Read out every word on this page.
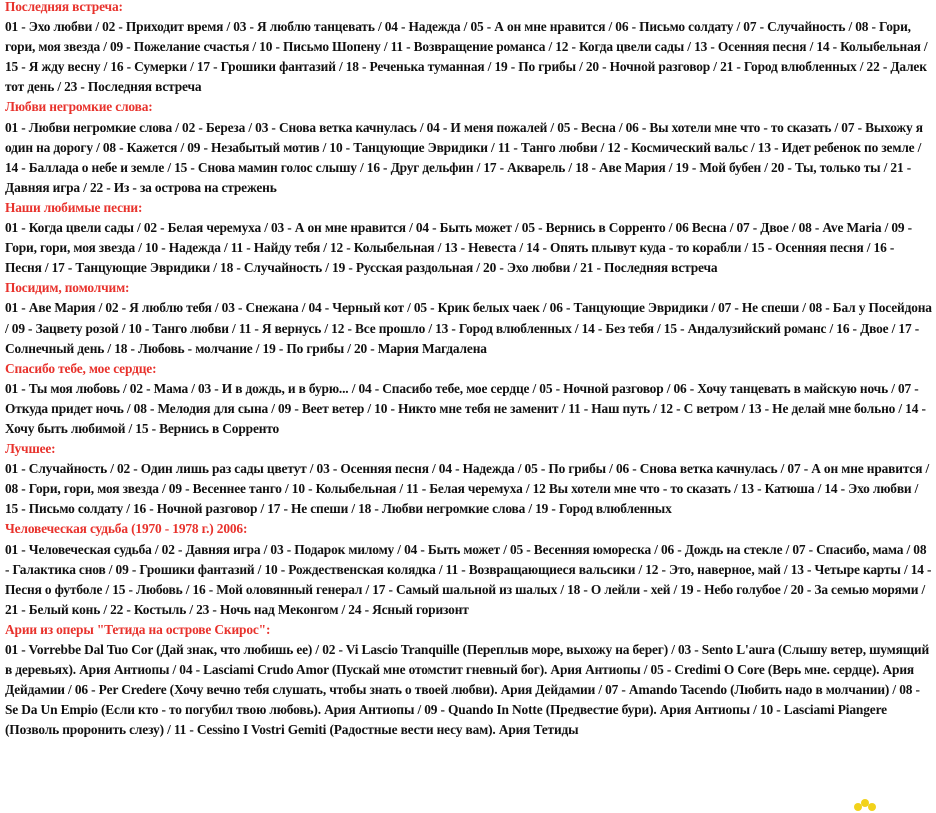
Последняя встреча:
01 - Эхо любви / 02 - Приходит время / 03 - Я люблю танцевать / 04 - Надежда / 05 - А он мне нравится / 06 - Письмо солдату / 07 - Случайность / 08 - Гори, гори, моя звезда / 09 - Пожелание счастья / 10 - Письмо Шопену / 11 - Возвращение романса / 12 - Когда цвели сады / 13 - Осенняя песня / 14 - Колыбельная / 15 - Я жду весну / 16 - Сумерки / 17 - Грошики фантазий / 18 - Реченька туманная / 19 - По грибы / 20 - Ночной разговор / 21 - Город влюбленных / 22 - Далек тот день / 23 - Последняя встреча
Любви негромкие слова:
01 - Любви негромкие слова / 02 - Береза / 03 - Снова ветка качнулась / 04 - И меня пожалей / 05 - Весна / 06 - Вы хотели мне что - то сказать / 07 - Выхожу я один на дорогу / 08 - Кажется / 09 - Незабытый мотив / 10 - Танцующие Эвридики / 11 - Танго любви / 12 - Космический вальс / 13 - Идет ребенок по земле / 14 - Баллада о небе и земле / 15 - Снова мамин голос слышу / 16 - Друг дельфин / 17 - Акварель / 18 - Аве Мария / 19 - Мой бубен / 20 - Ты, только ты / 21 - Давняя игра / 22 - Из - за острова на стрежень
Наши любимые песни:
01 - Когда цвели сады / 02 - Белая черемуха / 03 - А он мне нравится / 04 - Быть может / 05 - Вернись в Сорренто / 06 Весна / 07 - Двое / 08 - Ave Maria / 09 - Гори, гори, моя звезда / 10 - Надежда / 11 - Найду тебя / 12 - Колыбельная / 13 - Невеста / 14 - Опять плывут куда - то корабли / 15 - Осенняя песня / 16 - Песня / 17 - Танцующие Эвридики / 18 - Случайность / 19 - Русская раздольная / 20 - Эхо любви / 21 - Последняя встреча
Посидим, помолчим:
01 - Аве Мария / 02 - Я люблю тебя / 03 - Снежана / 04 - Черный кот / 05 - Крик белых чаек / 06 - Танцующие Эвридики / 07 - Не спеши / 08 - Бал у Посейдона / 09 - Зацвету розой / 10 - Танго любви / 11 - Я вернусь / 12 - Все прошло / 13 - Город влюбленных / 14 - Без тебя / 15 - Андалузийский романс / 16 - Двое / 17 - Солнечный день / 18 - Любовь - молчание / 19 - По грибы / 20 - Мария Магдалена
Спасибо тебе, мое сердце:
01 - Ты моя любовь / 02 - Мама / 03 - И в дождь, и в бурю... / 04 - Спасибо тебе, мое сердце / 05 - Ночной разговор / 06 - Хочу танцевать в майскую ночь / 07 - Откуда придет ночь / 08 - Мелодия для сына / 09 - Веет ветер / 10 - Никто мне тебя не заменит / 11 - Наш путь / 12 - С ветром / 13 - Не делай мне больно / 14 - Хочу быть любимой / 15 - Вернись в Сорренто
Лучшее:
01 - Случайность / 02 - Один лишь раз сады цветут / 03 - Осенняя песня / 04 - Надежда / 05 - По грибы / 06 - Снова ветка качнулась / 07 - А он мне нравится / 08 - Гори, гори, моя звезда / 09 - Весеннее танго / 10 - Колыбельная / 11 - Белая черемуха / 12 Вы хотели мне что - то сказать / 13 - Катюша / 14 - Эхо любви / 15 - Письмо солдату / 16 - Ночной разговор / 17 - Не спеши / 18 - Любви негромкие слова / 19 - Город влюбленных
Человеческая судьба (1970 - 1978 г.) 2006:
01 - Человеческая судьба / 02 - Давняя игра / 03 - Подарок милому / 04 - Быть может / 05 - Весенняя юмореска / 06 - Дождь на стекле / 07 - Спасибо, мама / 08 - Галактика снов / 09 - Грошики фантазий / 10 - Рождественская колядка / 11 - Возвращающиеся вальсики / 12 - Это, наверное, май / 13 - Четыре карты / 14 - Песня о футболе / 15 - Любовь / 16 - Мой оловянный генерал / 17 - Самый шальной из шалых / 18 - О лейли - хей / 19 - Небо голубое / 20 - За семью морями / 21 - Белый конь / 22 - Костыль / 23 - Ночь над Меконгом / 24 - Ясный горизонт
Арии из оперы "Тетида на острове Скирос":
01 - Vorrebbe Dal Tuo Cor (Дай знак, что любишь ее) / 02 - Vi Lascio Tranquille (Переплыв море, выхожу на берег) / 03 - Sento L'aura (Слышу ветер, шумящий в деревьях). Ария Антиопы / 04 - Lasciami Crudo Amor (Пускай мне отомстит гневный бог). Ария Антиопы / 05 - Credimi O Core (Верь мне. сердце). Ария Дейдамии / 06 - Per Credere (Хочу вечно тебя слушать, чтобы знать о твоей любви). Ария Дейдамии / 07 - Amando Tacendo (Любить надо в молчании) / 08 - Se Da Un Empio (Если кто - то погубил твою любовь). Ария Антиопы / 09 - Quando In Notte (Предвестие бури). Ария Антиопы / 10 - Lasciami Piangere (Позволь проронить слезу) / 11 - Cessino I Vostri Gemiti (Радостные вести несу вам). Ария Тетиды
